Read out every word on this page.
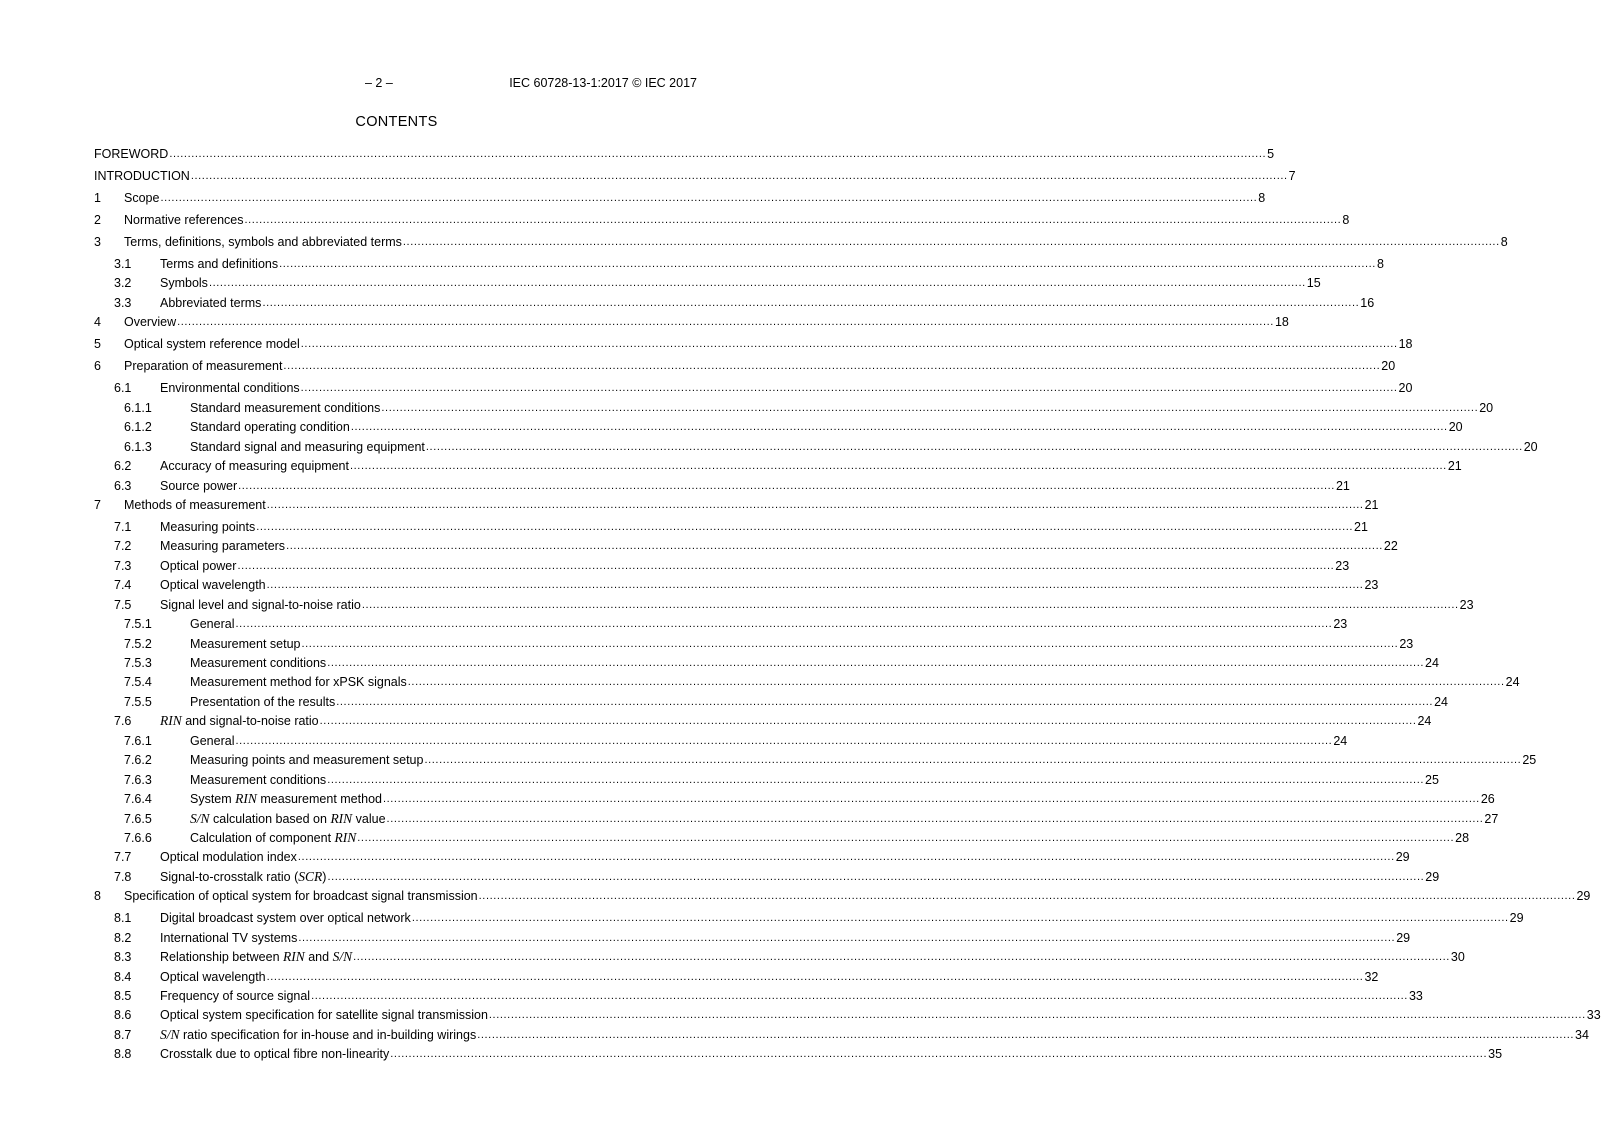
– 2 –	IEC 60728-13-1:2017 © IEC 2017
CONTENTS
FOREWORD ............................................................................................................................................................................................................................................................................................................ 5
INTRODUCTION ............................................................................................................................................................................................................................................................................................................ 7
1	Scope ............................................................................................................................................................................................................................................................................................................ 8
2	Normative references ............................................................................................................................................................................................................................................................................................................ 8
3	Terms, definitions, symbols and abbreviated terms ............................................................................................................................................................................................................................................................................................................ 8
3.1	Terms and definitions ............................................................................................................................................................................................................................................................................................................ 8
3.2	Symbols ............................................................................................................................................................................................................................................................................................................ 15
3.3	Abbreviated terms ............................................................................................................................................................................................................................................................................................................ 16
4	Overview ............................................................................................................................................................................................................................................................................................................ 18
5	Optical system reference model ............................................................................................................................................................................................................................................................................................................ 18
6	Preparation of measurement ............................................................................................................................................................................................................................................................................................................ 20
6.1	Environmental conditions ............................................................................................................................................................................................................................................................................................................ 20
6.1.1	Standard measurement conditions ............................................................................................................................................................................................................................................................................................................ 20
6.1.2	Standard operating condition ............................................................................................................................................................................................................................................................................................................ 20
6.1.3	Standard signal and measuring equipment ............................................................................................................................................................................................................................................................................................................ 20
6.2	Accuracy of measuring equipment ............................................................................................................................................................................................................................................................................................................ 21
6.3	Source power ............................................................................................................................................................................................................................................................................................................ 21
7	Methods of measurement ............................................................................................................................................................................................................................................................................................................ 21
7.1	Measuring points ............................................................................................................................................................................................................................................................................................................ 21
7.2	Measuring parameters ............................................................................................................................................................................................................................................................................................................ 22
7.3	Optical power ............................................................................................................................................................................................................................................................................................................ 23
7.4	Optical wavelength ............................................................................................................................................................................................................................................................................................................ 23
7.5	Signal level and signal-to-noise ratio ............................................................................................................................................................................................................................................................................................................ 23
7.5.1	General ............................................................................................................................................................................................................................................................................................................ 23
7.5.2	Measurement setup ............................................................................................................................................................................................................................................................................................................ 23
7.5.3	Measurement conditions ............................................................................................................................................................................................................................................................................................................ 24
7.5.4	Measurement method for xPSK signals ............................................................................................................................................................................................................................................................................................................ 24
7.5.5	Presentation of the results ............................................................................................................................................................................................................................................................................................................ 24
7.6	RIN and signal-to-noise ratio ............................................................................................................................................................................................................................................................................................................ 24
7.6.1	General ............................................................................................................................................................................................................................................................................................................ 24
7.6.2	Measuring points and measurement setup ............................................................................................................................................................................................................................................................................................................ 25
7.6.3	Measurement conditions ............................................................................................................................................................................................................................................................................................................ 25
7.6.4	System RIN measurement method ............................................................................................................................................................................................................................................................................................................ 26
7.6.5	S/N calculation based on RIN value ............................................................................................................................................................................................................................................................................................................ 27
7.6.6	Calculation of component RIN ............................................................................................................................................................................................................................................................................................................ 28
7.7	Optical modulation index ............................................................................................................................................................................................................................................................................................................ 29
7.8	Signal-to-crosstalk ratio (SCR) ............................................................................................................................................................................................................................................................................................................ 29
8	Specification of optical system for broadcast signal transmission ............................................................................................................................................................................................................................................................................................................ 29
8.1	Digital broadcast system over optical network ............................................................................................................................................................................................................................................................................................................ 29
8.2	International TV systems ............................................................................................................................................................................................................................................................................................................ 29
8.3	Relationship between RIN and S/N ............................................................................................................................................................................................................................................................................................................ 30
8.4	Optical wavelength ............................................................................................................................................................................................................................................................................................................ 32
8.5	Frequency of source signal ............................................................................................................................................................................................................................................................................................................ 33
8.6	Optical system specification for satellite signal transmission ............................................................................................................................................................................................................................................................................................................ 33
8.7	S/N ratio specification for in-house and in-building wirings ............................................................................................................................................................................................................................................................................................................ 34
8.8	Crosstalk due to optical fibre non-linearity ............................................................................................................................................................................................................................................................................................................ 35
